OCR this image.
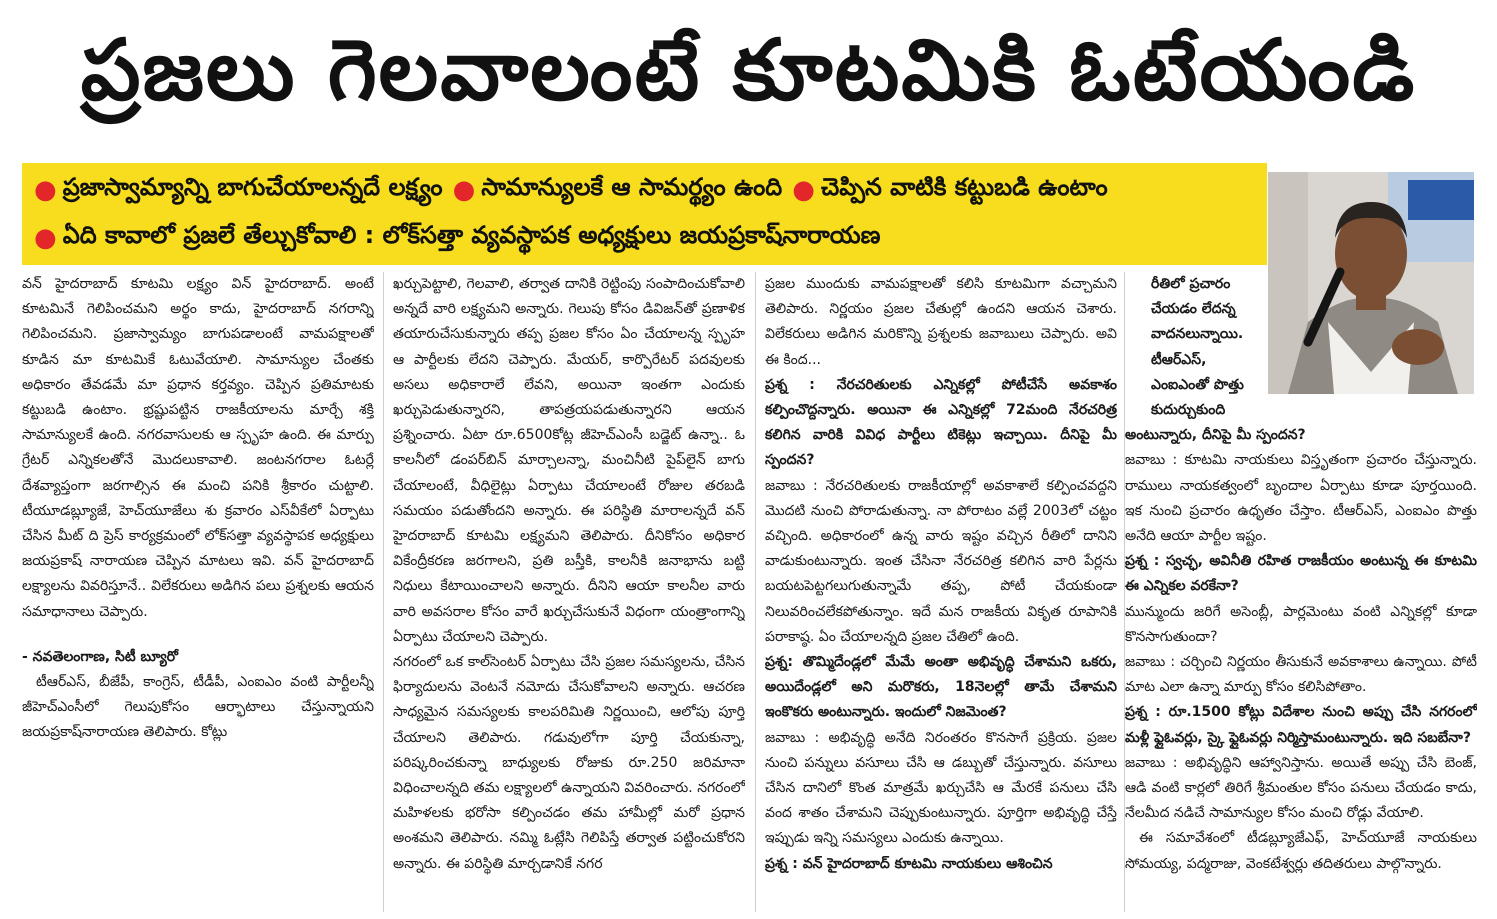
ప్రజలు గెలవాలంటే కూటమికి ఓటేయండి
● ప్రజాస్వామ్యాన్ని బాగుచేయాలన్నదే లక్ష్యం ● సామాన్యులకే ఆ సామర్థ్యం ఉంది ● చెప్పిన వాటికి కట్టుబడి ఉంటాం
● ఏది కావాలో ప్రజలే తేల్చుకోవాలి : లోక్‌సత్తా వ్యవస్థాపక అధ్యక్షులు జయప్రకాష్‌నారాయణ

వన్ హైదరాబాద్ కూటమి లక్ష్యం విన్ హైదరాబాద్. అంటే కూటమినే గెలిపించమని అర్థం కాదు, హైదరాబాద్ నగరాన్ని గెలిపించమని. ప్రజాస్వామ్యం బాగుపడాలంటే వామపక్షాలతో కూడిన మా కూటమికే ఓటువేయాలి. సామాన్యుల చేంతకు అధికారం తేవడమే మా ప్రధాన కర్తవ్యం. చెప్పిన ప్రతిమాటకు కట్టుబడి ఉంటాం. భ్రష్టుపట్టిన రాజకీయాలను మార్చే శక్తి సామాన్యులకే ఉంది. నగరవాసులకు ఆ స్పృహ ఉంది. ఈ మార్పు గ్రేటర్ ఎన్నికలతోనే మొదలుకావాలి. జంటనగరాల ఓటర్లే దేశవ్యాప్తంగా జరగాల్సిన ఈ మంచి పనికి శ్రీకారం చుట్టాలి. టీయూడబ్ల్యూజే, హెచ్‌యూజేలు శు క్రవారం ఎస్‌వీకేలో ఏర్పాటు చేసిన మీట్ ది ప్రెస్ కార్యక్రమంలో లోక్‌సత్తా వ్యవస్థాపక అధ్యక్షులు జయప్రకాష్ నారాయణ చెప్పిన మాటలు ఇవి. వన్ హైదరాబాద్ లక్ష్యాలను వివరిస్తూనే.. విలేకరులు అడిగిన పలు ప్రశ్నలకు ఆయన సమాధానాలు చెప్పారు.

- నవతెలంగాణ, సిటీ బ్యూరో

టీఆర్‌ఎస్, బీజేపీ, కాంగ్రెస్, టీడీపీ, ఎంఐఎం వంటి పార్టీలన్నీ జీహెచ్‌ఎంసీలో గెలుపుకోసం ఆర్భాటాలు చేస్తున్నాయని జయప్రకాష్‌నారాయణ తెలిపారు. కోట్లు

ఖర్చుపెట్టాలి, గెలవాలి, తర్వాత దానికి రెట్టింపు సంపాదించుకోవాలి అన్నదే వారి లక్ష్యమని అన్నారు. గెలుపు కోసం డివిజన్‌తో ప్రణాళిక తయారుచేసుకున్నారు తప్ప ప్రజల కోసం ఏం చేయాలన్న స్పృహ ఆ పార్టీలకు లేదని చెప్పారు. మేయర్, కార్పొరేటర్ పదవులకు అసలు అధికారాలే లేవని, అయినా ఇంతగా ఎందుకు ఖర్చుపెడుతున్నారని, తాపత్రయపడుతున్నారని ఆయన ప్రశ్నించారు. ఏటా రూ.6500కోట్ల జీహెచ్‌ఎంసీ బడ్జెట్ ఉన్నా.. ఓ కాలనీలో డంపర్‌బిన్ మార్చాలన్నా, మంచినీటి పైప్‌లైన్ బాగు చేయాలంటే, వీధిలైట్లు ఏర్పాటు చేయాలంటే రోజుల తరబడి సమయం పడుతోందని అన్నారు. ఈ పరిస్థితి మారాలన్నదే వన్ హైదరాబాద్ కూటమి లక్ష్యమని తెలిపారు. దీనికోసం అధికార వికేంద్రీకరణ జరగాలని, ప్రతి బస్తీకి, కాలనీకి జనాభాను బట్టి నిధులు కేటాయించాలని అన్నారు. దీనిని ఆయా కాలనీల వారు వారి అవసరాల కోసం వారే ఖర్చుచేసుకునే విధంగా యంత్రాంగాన్ని ఏర్పాటు చేయాలని చెప్పారు.

నగరంలో ఒక కాల్‌సెంటర్ ఏర్పాటు చేసి ప్రజల సమస్యలను, చేసిన ఫిర్యాదులను వెంటనే నమోదు చేసుకోవాలని అన్నారు. ఆచరణ సాధ్యమైన సమస్యలకు కాలపరిమితి నిర్ణయించి, ఆలోపు పూర్తి చేయాలని తెలిపారు. గడువులోగా పూర్తి చేయకున్నా, పరిష్కరించకున్నా బాధ్యులకు రోజుకు రూ.250 జరిమానా విధించాలన్నది తమ లక్ష్యాలలో ఉన్నాయని వివరించారు. నగరంలో మహిళలకు భరోసా కల్పించడం తమ హామీల్లో మరో ప్రధాన అంశమని తెలిపారు. నమ్మి ఓట్లేసి గెలిపిస్తే తర్వాత పట్టించుకోరని అన్నారు. ఈ పరిస్థితి మార్చడానికే నగర

ప్రజల ముందుకు వామపక్షాలతో కలిసి కూటమిగా వచ్చామని తెలిపారు. నిర్ణయం ప్రజల చేతుల్లో ఉందని ఆయన చెశారు. విలేకరులు అడిగిన మరికొన్ని ప్రశ్నలకు జవాబులు చెప్పారు. అవి ఈ కింద...

ప్రశ్న : నేరచరితులకు ఎన్నికల్లో పోటీచేసే అవకాశం కల్పించొద్దన్నారు. అయినా ఈ ఎన్నికల్లో 72మంది నేరచరిత్ర కలిగిన వారికి వివిధ పార్టీలు టికెట్లు ఇచ్చాయి. దీనిపై మీ స్పందన?

జవాబు : నేరచరితులకు రాజకీయాల్లో అవకాశాలే కల్పించవద్దని మొదటి నుంచి పోరాడుతున్నా. నా పోరాటం వల్లే 2003లో చట్టం వచ్చింది. అధికారంలో ఉన్న వారు ఇష్టం వచ్చిన రీతిలో దానిని వాడుకుంటున్నారు. ఇంత చేసినా నేరచరిత్ర కలిగిన వారి పేర్లను బయటపెట్టగలుగుతున్నామే తప్ప, పోటీ చేయకుండా నిలువరించలేకపోతున్నాం. ఇదే మన రాజకీయ వికృత రూపానికి పరాకాష్ఠ. ఏం చేయాలన్నది ప్రజల చేతిలో ఉంది.

ప్రశ్న: తొమ్మిదేండ్లలో మేమే అంతా అభివృద్ధి చేశామని ఒకరు, అయిదేండ్లలో అని మరొకరు, 18నెలల్లో తామే చేశామని ఇంకొకరు అంటున్నారు. ఇందులో నిజమెంత?

జవాబు : అభివృద్ధి అనేది నిరంతరం కొనసాగే ప్రక్రియ. ప్రజల నుంచి పన్నులు వసూలు చేసి ఆ డబ్బుతో చేస్తున్నారు. వసూలు చేసిన దానిలో కొంత మాత్రమే ఖర్చుచేసి ఆ మేరకే పనులు చేసి వంద శాతం చేశామని చెప్పుకుంటున్నారు. పూర్తిగా అభివృద్ధి చేస్తే ఇప్పుడు ఇన్ని సమస్యలు ఎందుకు ఉన్నాయి.

ప్రశ్న : వన్ హైదరాబాద్ కూటమి నాయకులు ఆశించిన

రీతిలో ప్రచారం చేయడం లేదన్న వాదనలున్నాయి. టీఆర్‌ఎస్, ఎంఐఎంతో పొత్తు కుదుర్చుకుంది

అంటున్నారు, దీనిపై మీ స్పందన?

జవాబు : కూటమి నాయకులు విస్తృతంగా ప్రచారం చేస్తున్నారు. రాములు నాయకత్వంలో బృందాల ఏర్పాటు కూడా పూర్తయింది. ఇక నుంచి ప్రచారం ఉధృతం చేస్తాం. టీఆర్‌ఎస్, ఎంఐఎం పొత్తు అనేది ఆయా పార్టీల ఇష్టం.

ప్రశ్న : స్వచ్ఛ, అవినీతి రహిత రాజకీయం అంటున్న ఈ కూటమి ఈ ఎన్నికల వరకేనా?

మున్ముందు జరిగే అసెంబ్లీ, పార్లమెంటు వంటి ఎన్నికల్లో కూడా కొనసాగుతుందా?

జవాబు : చర్చించి నిర్ణయం తీసుకునే అవకాశాలు ఉన్నాయి. పోటీ మాట ఎలా ఉన్నా మార్పు కోసం కలిసిపోతాం.

ప్రశ్న : రూ.1500 కోట్లు విదేశాల నుంచి అప్పు చేసి నగరంలో మళ్లీ ఫ్లైఓవర్లు, స్కై ఫ్లైఓవర్లు నిర్మిస్తామంటున్నారు. ఇది సబబేనా?

జవాబు : అభివృద్ధిని ఆహ్వానిస్తాను. అయితే అప్పు చేసి బెంజ్, ఆడి వంటి కార్లలో తిరిగే శ్రీమంతుల కోసం పనులు చేయడం కాదు, నేలమీద నడిచే సామాన్యుల కోసం మంచి రోడ్లు వేయాలి.

ఈ సమావేశంలో టీడబ్ల్యూజేఎఫ్, హెచ్‌యూజే నాయకులు సోమయ్య, పద్మరాజు, వెంకటేశ్వర్లు తదితరులు పాల్గొన్నారు.
